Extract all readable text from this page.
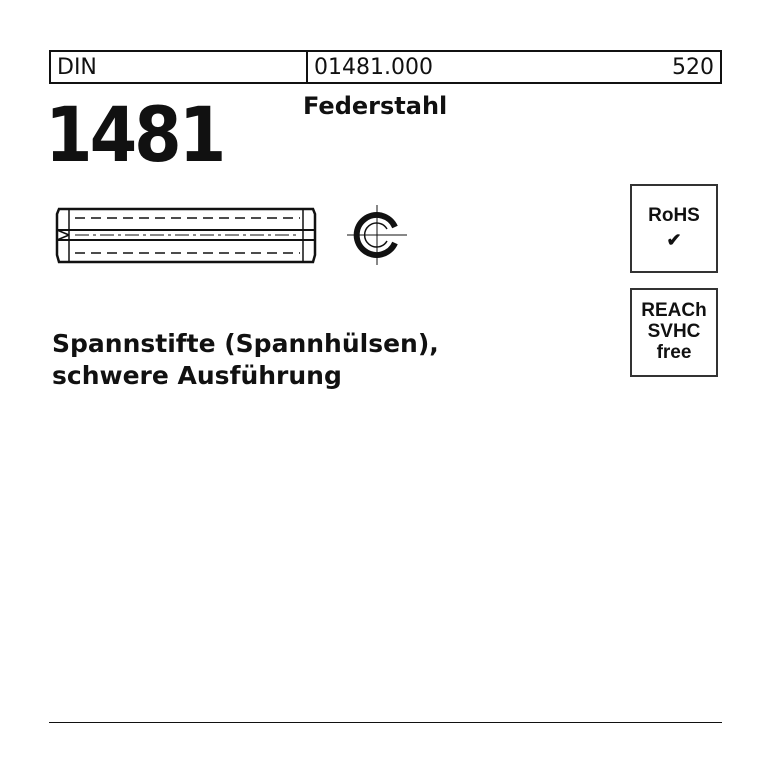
DIN	01481.000	520
1481	Federstahl
Spannstifte (Spannhülsen),
schwere Ausführung
RoHS
✔
REACh
SVHC
free
